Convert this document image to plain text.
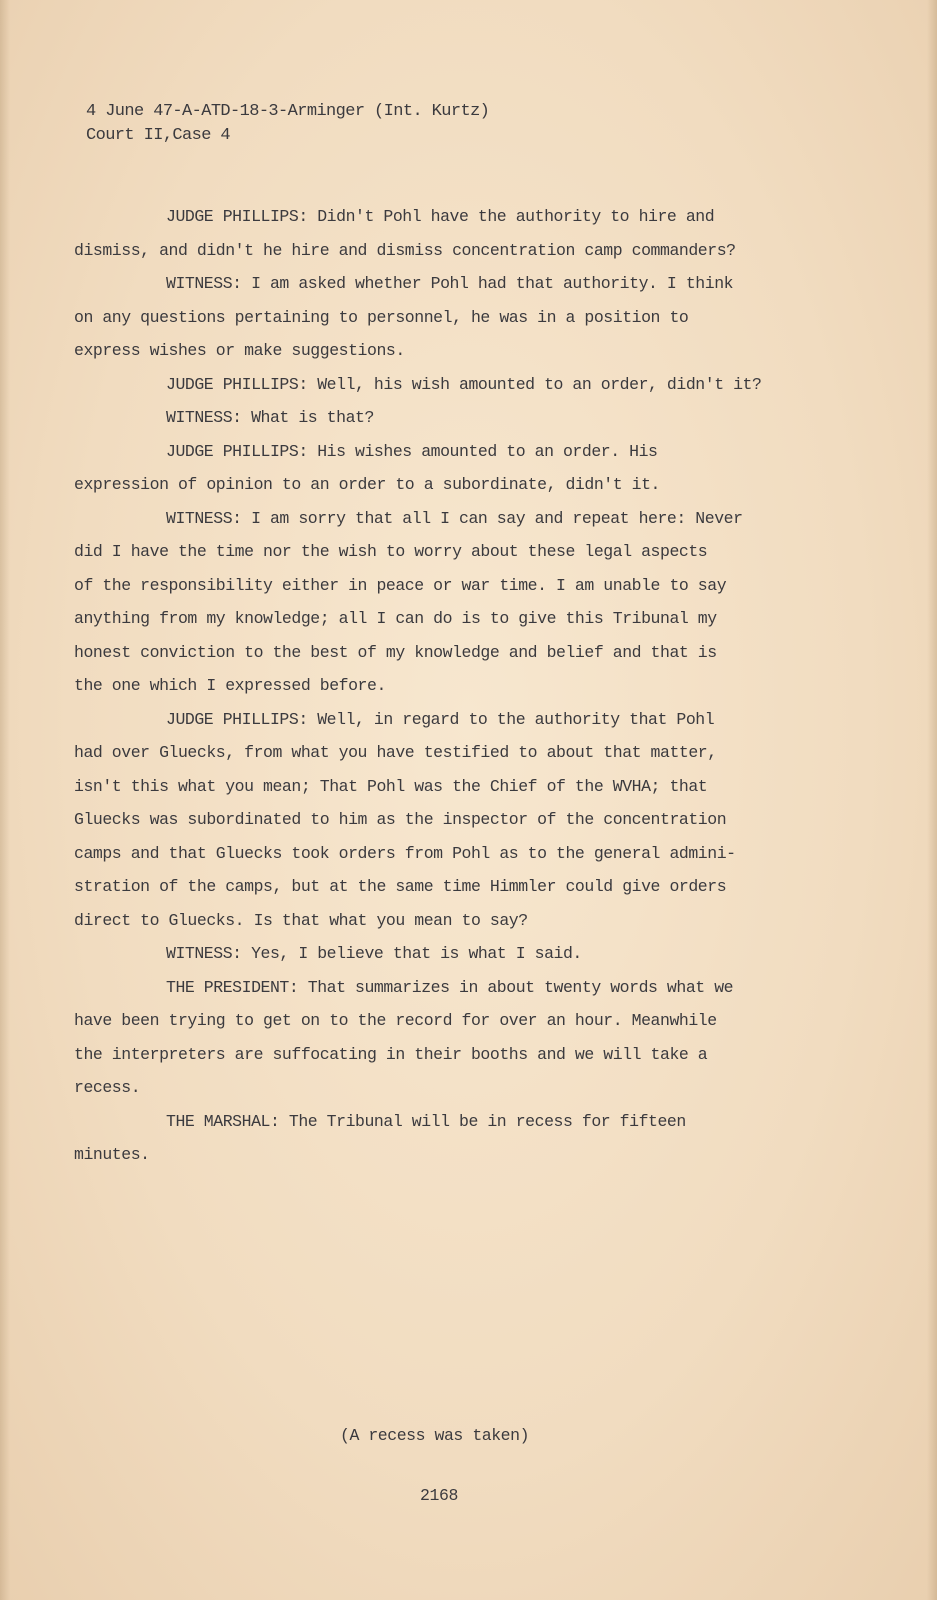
4 June 47-A-ATD-18-3-Arminger (Int. Kurtz)
Court II,Case 4
JUDGE PHILLIPS: Didn't Pohl have the authority to hire and
dismiss, and didn't he hire and dismiss concentration camp commanders?
WITNESS: I am asked whether Pohl had that authority. I think
on any questions pertaining to personnel, he was in a position to
express wishes or make suggestions.
JUDGE PHILLIPS: Well, his wish amounted to an order, didn't it?
WITNESS: What is that?
JUDGE PHILLIPS: His wishes amounted to an order. His
expression of opinion to an order to a subordinate, didn't it.
WITNESS: I am sorry that all I can say and repeat here: Never
did I have the time nor the wish to worry about these legal aspects
of the responsibility either in peace or war time. I am unable to say
anything from my knowledge; all I can do is to give this Tribunal my
honest conviction to the best of my knowledge and belief and that is
the one which I expressed before.
JUDGE PHILLIPS: Well, in regard to the authority that Pohl
had over Gluecks, from what you have testified to about that matter,
isn't this what you mean; That Pohl was the Chief of the WVHA; that
Gluecks was subordinated to him as the inspector of the concentration
camps and that Gluecks took orders from Pohl as to the general admini-
stration of the camps, but at the same time Himmler could give orders
direct to Gluecks. Is that what you mean to say?
WITNESS: Yes, I believe that is what I said.
THE PRESIDENT: That summarizes in about twenty words what we
have been trying to get on to the record for over an hour. Meanwhile
the interpreters are suffocating in their booths and we will take a
recess.
THE MARSHAL: The Tribunal will be in recess for fifteen
minutes.
(A recess was taken)
2168
